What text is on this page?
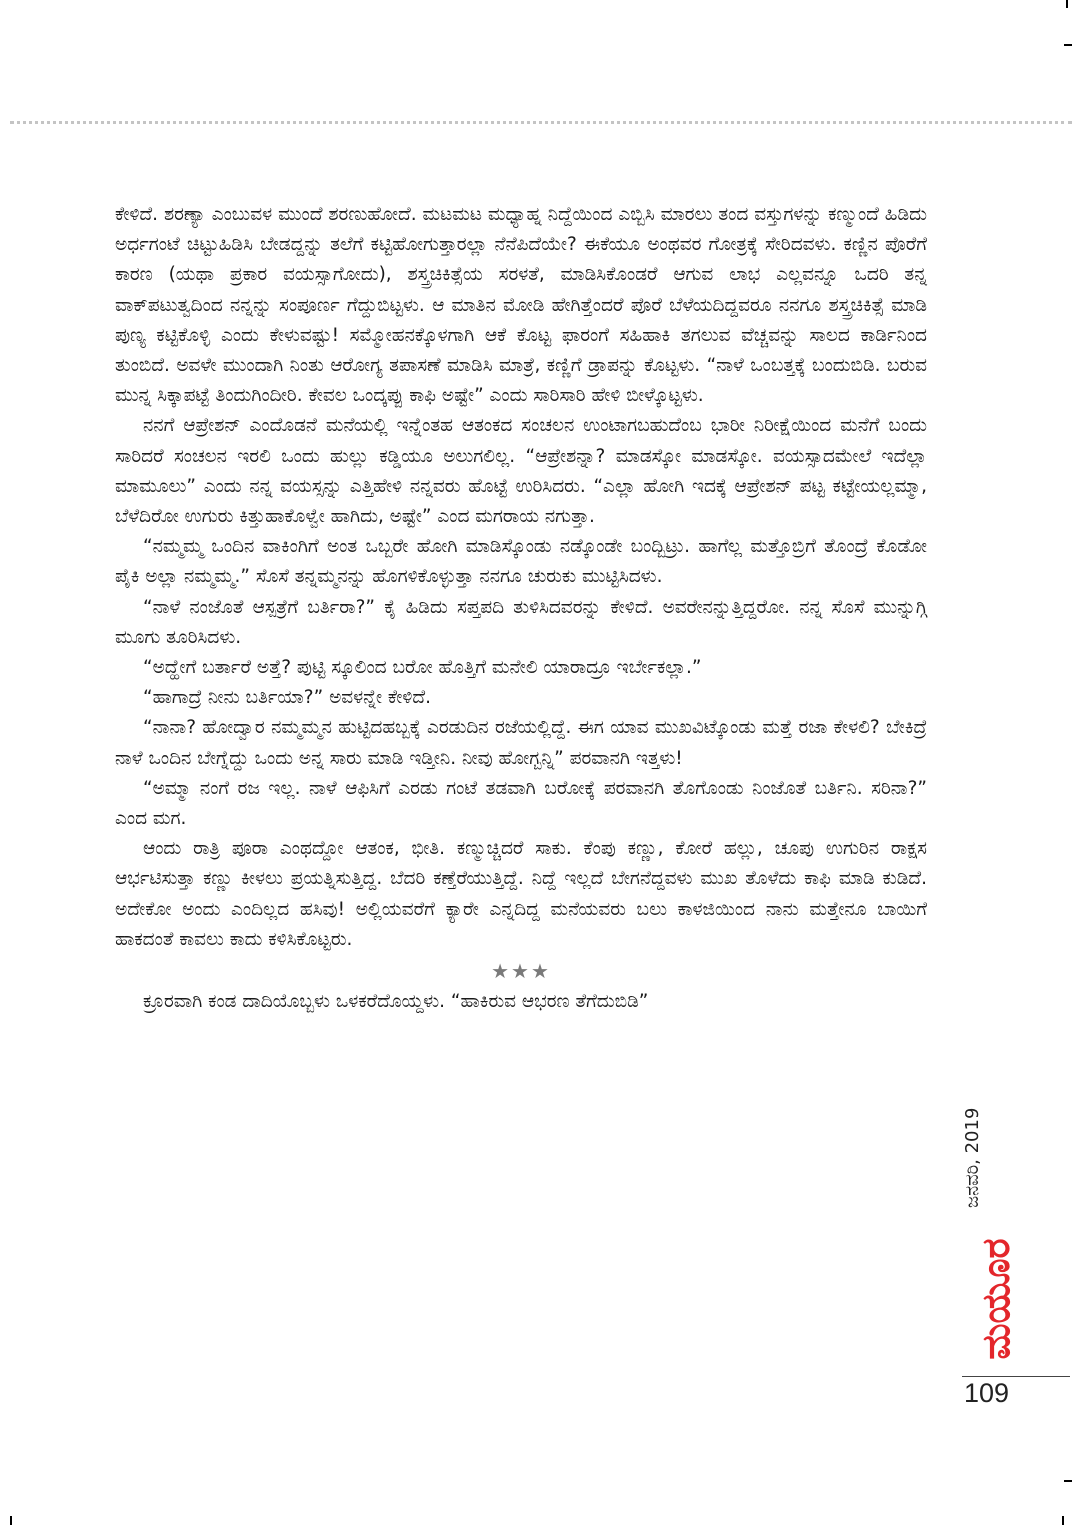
ಕೇಳಿದೆ. ಶರಣ್ಯಾ ಎಂಬುವಳ ಮುಂದೆ ಶರಣುಹೋದೆ. ಮಟಮಟ ಮಧ್ಯಾಹ್ನ ನಿದ್ದೆಯಿಂದ ಎಬ್ಬಿಸಿ ಮಾರಲು ತಂದ ವಸ್ತುಗಳನ್ನು ಕಣ್ಮುಂದೆ ಹಿಡಿದು ಅರ್ಧಗಂಟೆ ಚಿಟ್ಟುಹಿಡಿಸಿ ಬೇಡದ್ದನ್ನು ತಲೆಗೆ ಕಟ್ಟಿಹೋಗುತ್ತಾರಲ್ಲಾ ನೆನೆಪಿದೆಯೇ? ಈಕೆಯೂ ಅಂಥವರ ಗೋತ್ರಕ್ಕೆ ಸೇರಿದವಳು. ಕಣ್ಣಿನ ಪೊರೆಗೆ ಕಾರಣ (ಯಥಾ ಪ್ರಕಾರ ವಯಸ್ಸಾಗೋದು), ಶಸ್ತ್ರಚಿಕಿತ್ಸೆಯ ಸರಳತೆ, ಮಾಡಿಸಿಕೊಂಡರೆ ಆಗುವ ಲಾಭ ಎಲ್ಲವನ್ನೂ ಒದರಿ ತನ್ನ ವಾಕ್‌ಪಟುತ್ವದಿಂದ ನನ್ನನ್ನು ಸಂಪೂರ್ಣ ಗೆದ್ದುಬಿಟ್ಟಳು. ಆ ಮಾತಿನ ಮೋಡಿ ಹೇಗಿತ್ತೆಂದರೆ ಪೊರೆ ಬೆಳೆಯದಿದ್ದವರೂ ನನಗೂ ಶಸ್ತ್ರಚಿಕಿತ್ಸೆ ಮಾಡಿ ಪುಣ್ಯ ಕಟ್ಟಿಕೊಳ್ಳಿ ಎಂದು ಕೇಳುವಷ್ಟು! ಸಮ್ಮೋಹನಕ್ಕೊಳಗಾಗಿ ಆಕೆ ಕೊಟ್ಟ ಫಾರಂಗೆ ಸಹಿಹಾಕಿ ತಗಲುವ ವೆಚ್ಚವನ್ನು ಸಾಲದ ಕಾರ್ಡಿನಿಂದ ತುಂಬಿದೆ. ಅವಳೇ ಮುಂದಾಗಿ ನಿಂತು ಆರೋಗ್ಯ ತಪಾಸಣೆ ಮಾಡಿಸಿ ಮಾತ್ರೆ, ಕಣ್ಣಿಗೆ ಡ್ರಾಪನ್ನು ಕೊಟ್ಟಳು. “ನಾಳೆ ಒಂಬತ್ತಕ್ಕೆ ಬಂದುಬಿಡಿ. ಬರುವ ಮುನ್ನ ಸಿಕ್ಕಾಪಟ್ಟೆ ತಿಂದುಗಿಂದೀರಿ. ಕೇವಲ ಒಂದ್ಕಪ್ಪು ಕಾಫಿ ಅಷ್ಟೇ” ಎಂದು ಸಾರಿಸಾರಿ ಹೇಳಿ ಬೀಳ್ಕೊಟ್ಟಳು.

ನನಗೆ ಆಪ್ರೇಶನ್ ಎಂದೊಡನೆ ಮನೆಯಲ್ಲಿ ಇನ್ನೆಂತಹ ಆತಂಕದ ಸಂಚಲನ ಉಂಟಾಗಬಹುದೆಂಬ ಭಾರೀ ನಿರೀಕ್ಷೆಯಿಂದ ಮನೆಗೆ ಬಂದು ಸಾರಿದರೆ ಸಂಚಲನ ಇರಲಿ ಒಂದು ಹುಲ್ಲು ಕಡ್ಡಿಯೂ ಅಲುಗಲಿಲ್ಲ. “ಆಪ್ರೇಶನ್ನಾ? ಮಾಡಸ್ಕೋ ಮಾಡಸ್ಕೋ. ವಯಸ್ಸಾದಮೇಲೆ ಇದೆಲ್ಲಾ ಮಾಮೂಲು” ಎಂದು ನನ್ನ ವಯಸ್ಸನ್ನು ಎತ್ತಿಹೇಳಿ ನನ್ನವರು ಹೊಟ್ಟೆ ಉರಿಸಿದರು. “ಎಲ್ಲಾ ಹೋಗಿ ಇದಕ್ಕೆ ಆಪ್ರೇಶನ್ ಪಟ್ಟ ಕಟ್ಟೇಯಲ್ಲಮ್ಮಾ, ಬೆಳೆದಿರೋ ಉಗುರು ಕಿತ್ತುಹಾಕೊಳ್ವೇ ಹಾಗಿದು, ಅಷ್ಟೇ” ಎಂದ ಮಗರಾಯ ನಗುತ್ತಾ.

“ನಮ್ಮಮ್ಮ ಒಂದಿನ ವಾಕಿಂಗಿಗೆ ಅಂತ ಒಬ್ಬರೇ ಹೋಗಿ ಮಾಡಿಸ್ಕೊಂಡು ನಡ್ಕೊಂಡೇ ಬಂದ್ಬಿಟ್ರು. ಹಾಗೆಲ್ಲ ಮತ್ತೊಬ್ರಿಗೆ ತೊಂದ್ರೆ ಕೊಡೋ ಪೈಕಿ ಅಲ್ಲಾ ನಮ್ಮಮ್ಮ.” ಸೊಸೆ ತನ್ನಮ್ಮನನ್ನು ಹೊಗಳಿಕೊಳ್ಳುತ್ತಾ ನನಗೂ ಚುರುಕು ಮುಟ್ಟಿಸಿದಳು.

“ನಾಳೆ ನಂಜೊತೆ ಆಸ್ಪತ್ರೆಗೆ ಬರ್ತಿರಾ?” ಕೈ ಹಿಡಿದು ಸಪ್ತಪದಿ ತುಳಿಸಿದವರನ್ನು ಕೇಳಿದೆ. ಅವರೇನನ್ನುತ್ತಿದ್ದರೋ. ನನ್ನ ಸೊಸೆ ಮುನ್ನುಗ್ಗಿ ಮೂಗು ತೂರಿಸಿದಳು.

“ಅದ್ಹೇಗೆ ಬರ್ತಾರೆ ಅತ್ತೆ? ಪುಟ್ಟಿ ಸ್ಕೂಲಿಂದ ಬರೋ ಹೊತ್ತಿಗೆ ಮನೇಲಿ ಯಾರಾದ್ರೂ ಇರ್ಬೇಕಲ್ಲಾ.”

“ಹಾಗಾದ್ರೆ ನೀನು ಬರ್ತಿಯಾ?” ಅವಳನ್ನೇ ಕೇಳಿದೆ.

“ನಾನಾ? ಹೋದ್ವಾರ ನಮ್ಮಮ್ಮನ ಹುಟ್ಟಿದಹಬ್ಬಕ್ಕೆ ಎರಡುದಿನ ರಜೆಯಲ್ಲಿದ್ದೆ. ಈಗ ಯಾವ ಮುಖವಿಟ್ಕೊಂಡು ಮತ್ತೆ ರಜಾ ಕೇಳಲಿ? ಬೇಕಿದ್ರೆ ನಾಳೆ ಒಂದಿನ ಬೇಗ್ನೆದ್ದು ಒಂದು ಅನ್ನ ಸಾರು ಮಾಡಿ ಇಡ್ತೀನಿ. ನೀವು ಹೋಗ್ಬನ್ನಿ” ಪರವಾನಗಿ ಇತ್ತಳು!

“ಅಮ್ಮಾ ನಂಗೆ ರಜ ಇಲ್ಲ. ನಾಳೆ ಆಫಿಸಿಗೆ ಎರಡು ಗಂಟೆ ತಡವಾಗಿ ಬರೋಕ್ಕೆ ಪರವಾನಗಿ ತೊಗೊಂಡು ನಿಂಜೊತೆ ಬರ್ತಿನಿ. ಸರಿನಾ?” ಎಂದ ಮಗ.

ಆಂದು ರಾತ್ರಿ ಪೂರಾ ಎಂಥದ್ದೋ ಆತಂಕ, ಭೀತಿ. ಕಣ್ಮುಚ್ಚಿದರೆ ಸಾಕು. ಕೆಂಪು ಕಣ್ಣು, ಕೋರೆ ಹಲ್ಲು, ಚೂಪು ಉಗುರಿನ ರಾಕ್ಷಸ ಆರ್ಭಟಿಸುತ್ತಾ ಕಣ್ಣು ಕೀಳಲು ಪ್ರಯತ್ನಿಸುತ್ತಿದ್ದ. ಬೆದರಿ ಕಣ್ತೆರೆಯುತ್ತಿದ್ದೆ. ನಿದ್ದೆ ಇಲ್ಲದೆ ಬೇಗನೆದ್ದವಳು ಮುಖ ತೊಳೆದು ಕಾಫಿ ಮಾಡಿ ಕುಡಿದೆ. ಅದೇಕೋ ಅಂದು ಎಂದಿಲ್ಲದ ಹಸಿವು! ಅಲ್ಲಿಯವರೆಗೆ ಕ್ಯಾರೇ ಎನ್ನದಿದ್ದ ಮನೆಯವರು ಬಲು ಕಾಳಜಿಯಿಂದ ನಾನು ಮತ್ತೇನೂ ಬಾಯಿಗೆ ಹಾಕದಂತೆ ಕಾವಲು ಕಾದು ಕಳಿಸಿಕೊಟ್ಟರು.

★★★

ಕ್ರೂರವಾಗಿ ಕಂಡ ದಾದಿಯೊಬ್ಬಳು ಒಳಕರೆದೊಯ್ದಳು. “ಹಾಕಿರುವ ಆಭರಣ ತೆಗೆದುಬಿಡಿ”

ಜನವರಿ, 2019
ಮಯೂರ
109
